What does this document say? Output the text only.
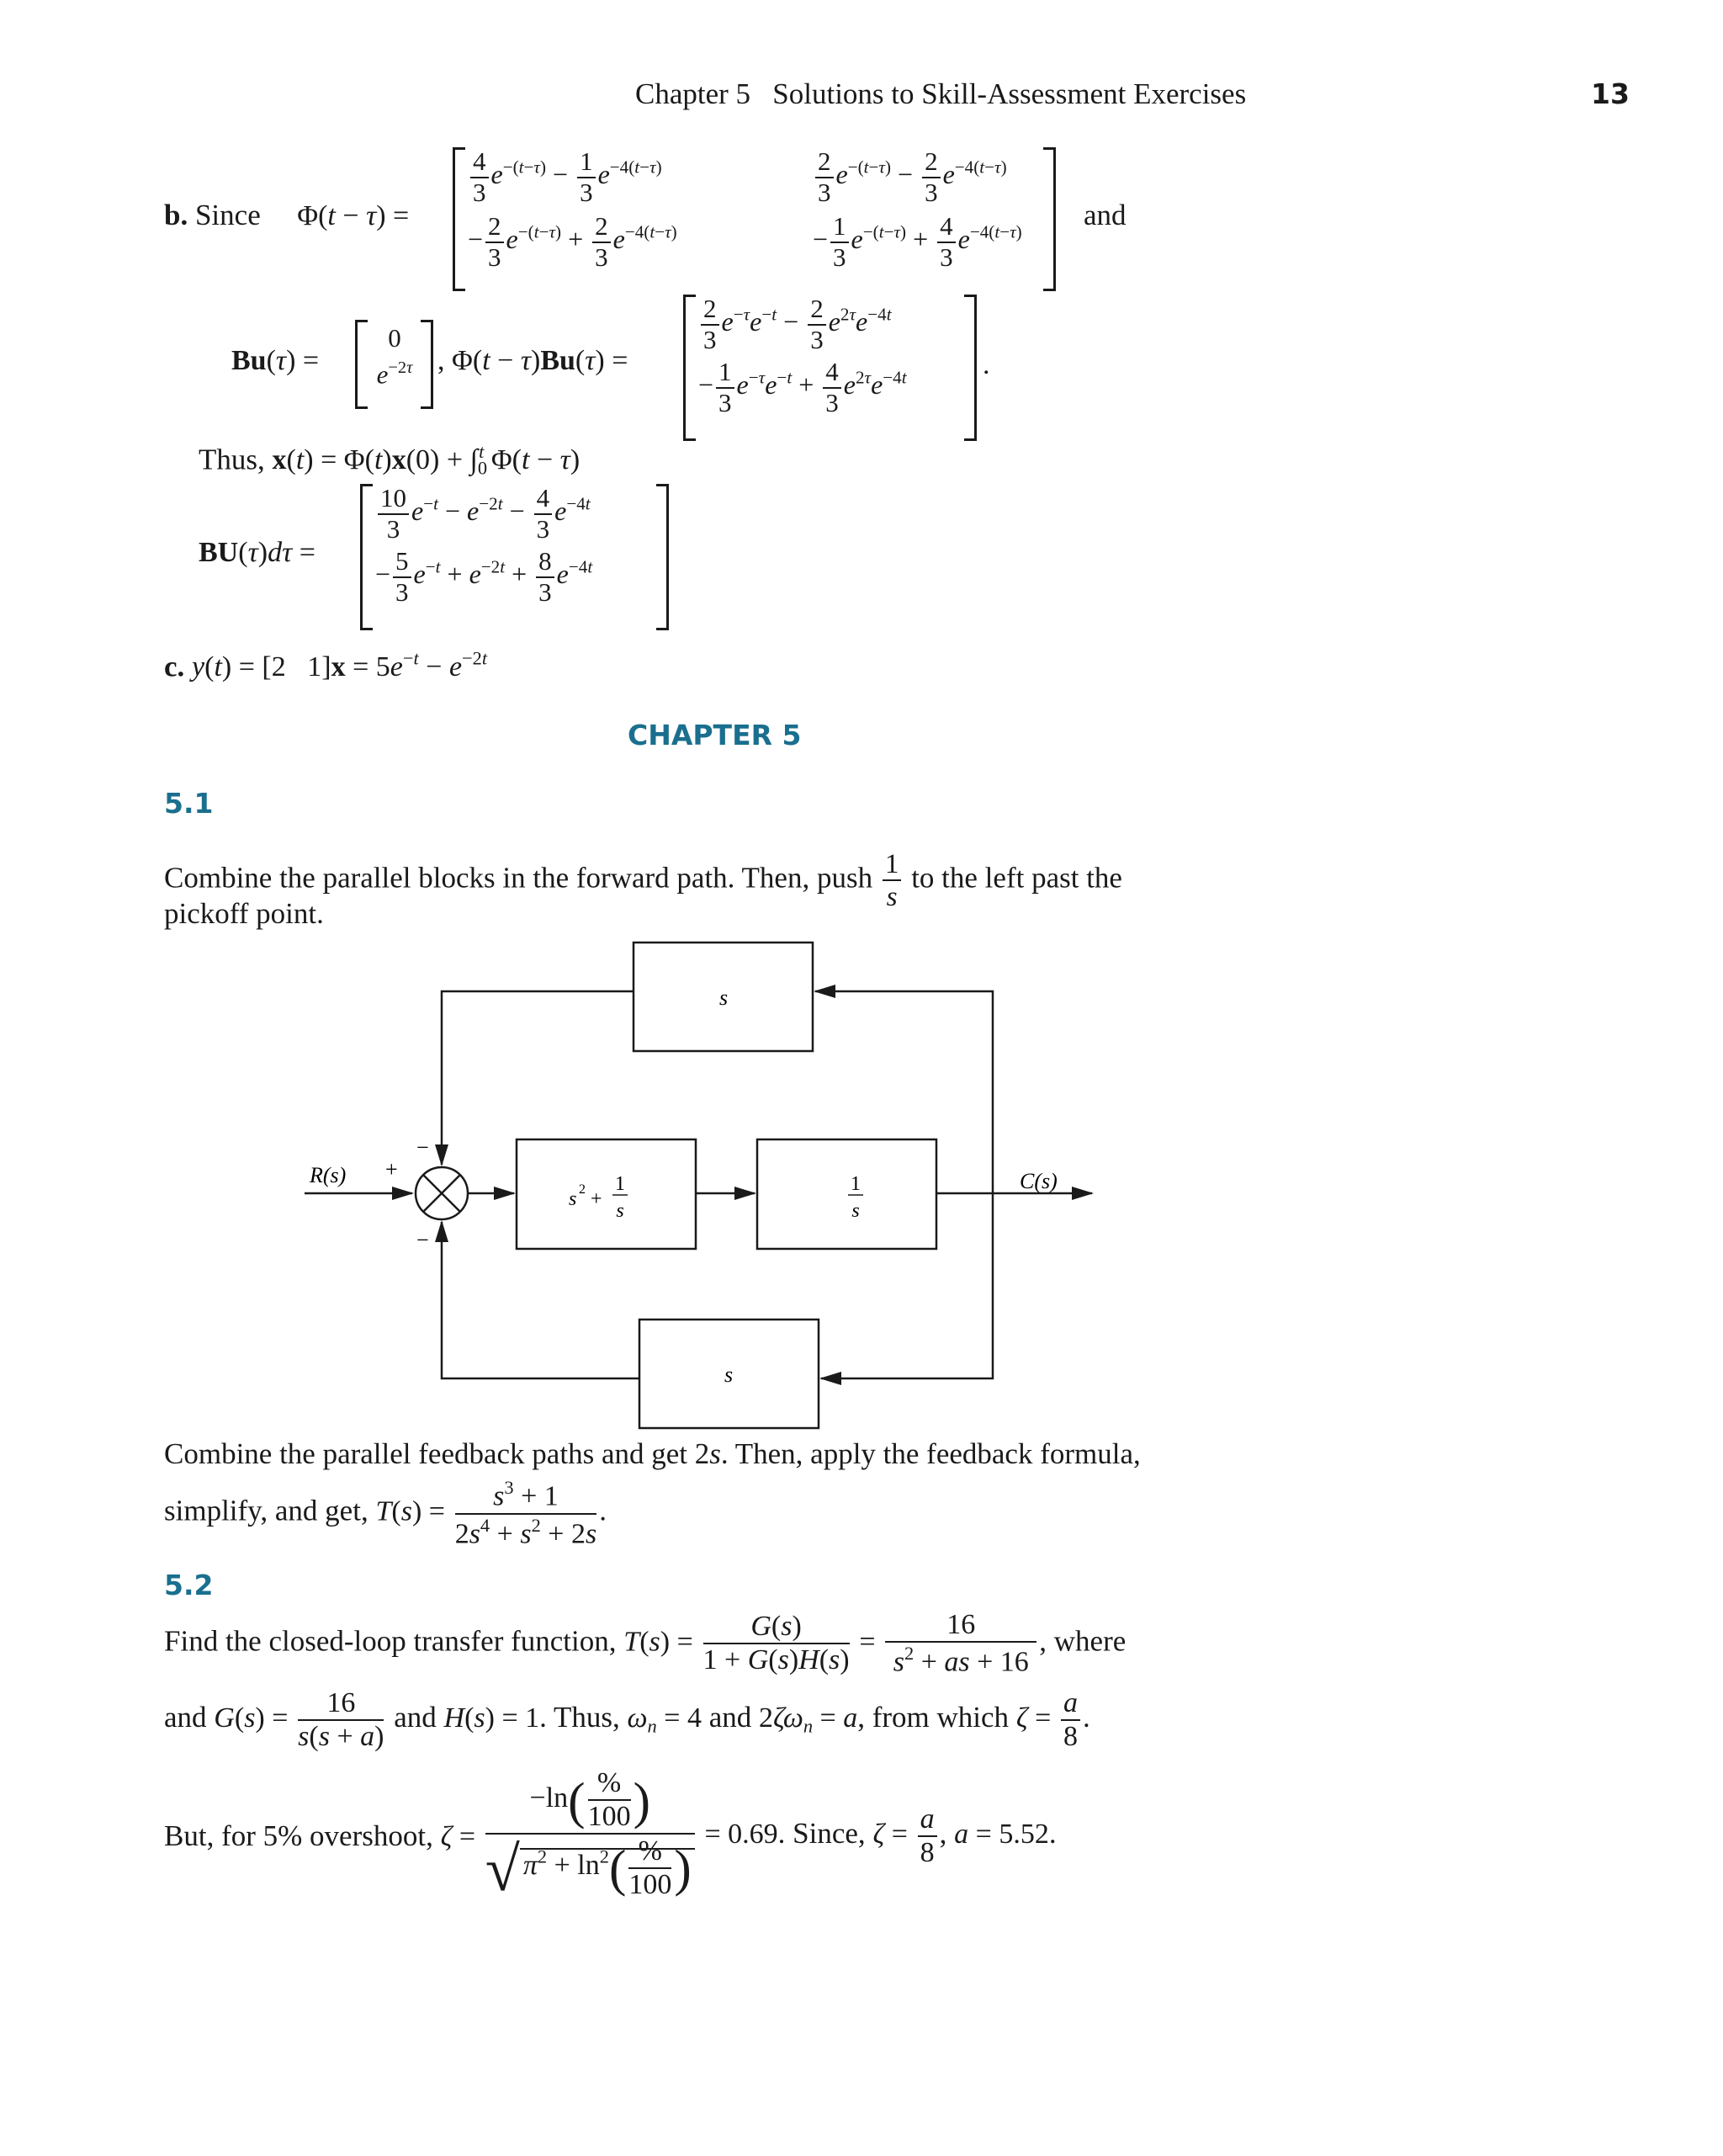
Chapter 5   Solutions to Skill-Assessment Exercises	13
b. Since Φ(t − τ) =
$\frac{4}{3} e^{-(t-\tau)} - \frac{1}{3} e^{-4(t-\tau)}$	$\frac{2}{3} e^{-(t-\tau)} - \frac{2}{3} e^{-4(t-\tau)}$
− $\frac{2}{3} e^{-(t-\tau)} + \frac{2}{3} e^{-4(t-\tau)}$	− $\frac{1}{3} e^{-(t-\tau)} + \frac{4}{3} e^{-4(t-\tau)}$
and
Bu(τ) =
0
$e^{-2\tau}$ , Φ(t − τ)Bu(τ) =
$\frac{2}{3} e^{-\tau}e^{-t} - \frac{2}{3} e^{2\tau}e^{-4t}$
− $\frac{1}{3} e^{-\tau}e^{-t} + \frac{4}{3} e^{2\tau}e^{-4t}$	.
Thus, $x(t) = \Phi(t)x(0) + \int_0^t$ Φ(t − τ)
BU(τ)dτ =
$\frac{10}{3} e^{-t} - e^{-2t} - \frac{4}{3} e^{-4t}$
− $\frac{5}{3} e^{-t} + e^{-2t} + \frac{8}{3} e^{-4t}$
c. y(t) = [2   $1]x = 5e^{-t} - e^{-2t}$
CHAPTER 5
5.1
Combine the parallel blocks in the forward path. Then, push $\frac{1}{s}$ to the left past the
pickoff point.
R(s) +
−
−
C(s)
s
s
s 2 +
1
s
1
s
Combine the parallel feedback paths and get 2s. Then, apply the feedback formula,
simplify, and get, $T(s) = \frac{s^3 + 1}{2s^4 + s^2 + 2s}$ .
5.2
Find the closed-loop transfer function, $T(s) = \frac{G(s)}{1 + G(s)H(s)} = \frac{16}{s^2 + as + 16}$ , where
and $G(s) = \frac{16}{s(s + a)}$ and H(s) = 1. Thus, $\omega_n = 4$ and $2\zeta\omega_n = a$, from which $\zeta = \frac{a}{8}$ .
But, for 5% overshoot, $\zeta = \frac{-\ln( \frac{\%}{100} )}{√ \pi^2 + \ln^2( \frac{\%}{100} )} = 0.69$. Since, $\zeta = \frac{a}{8}$ , a = 5.52.
